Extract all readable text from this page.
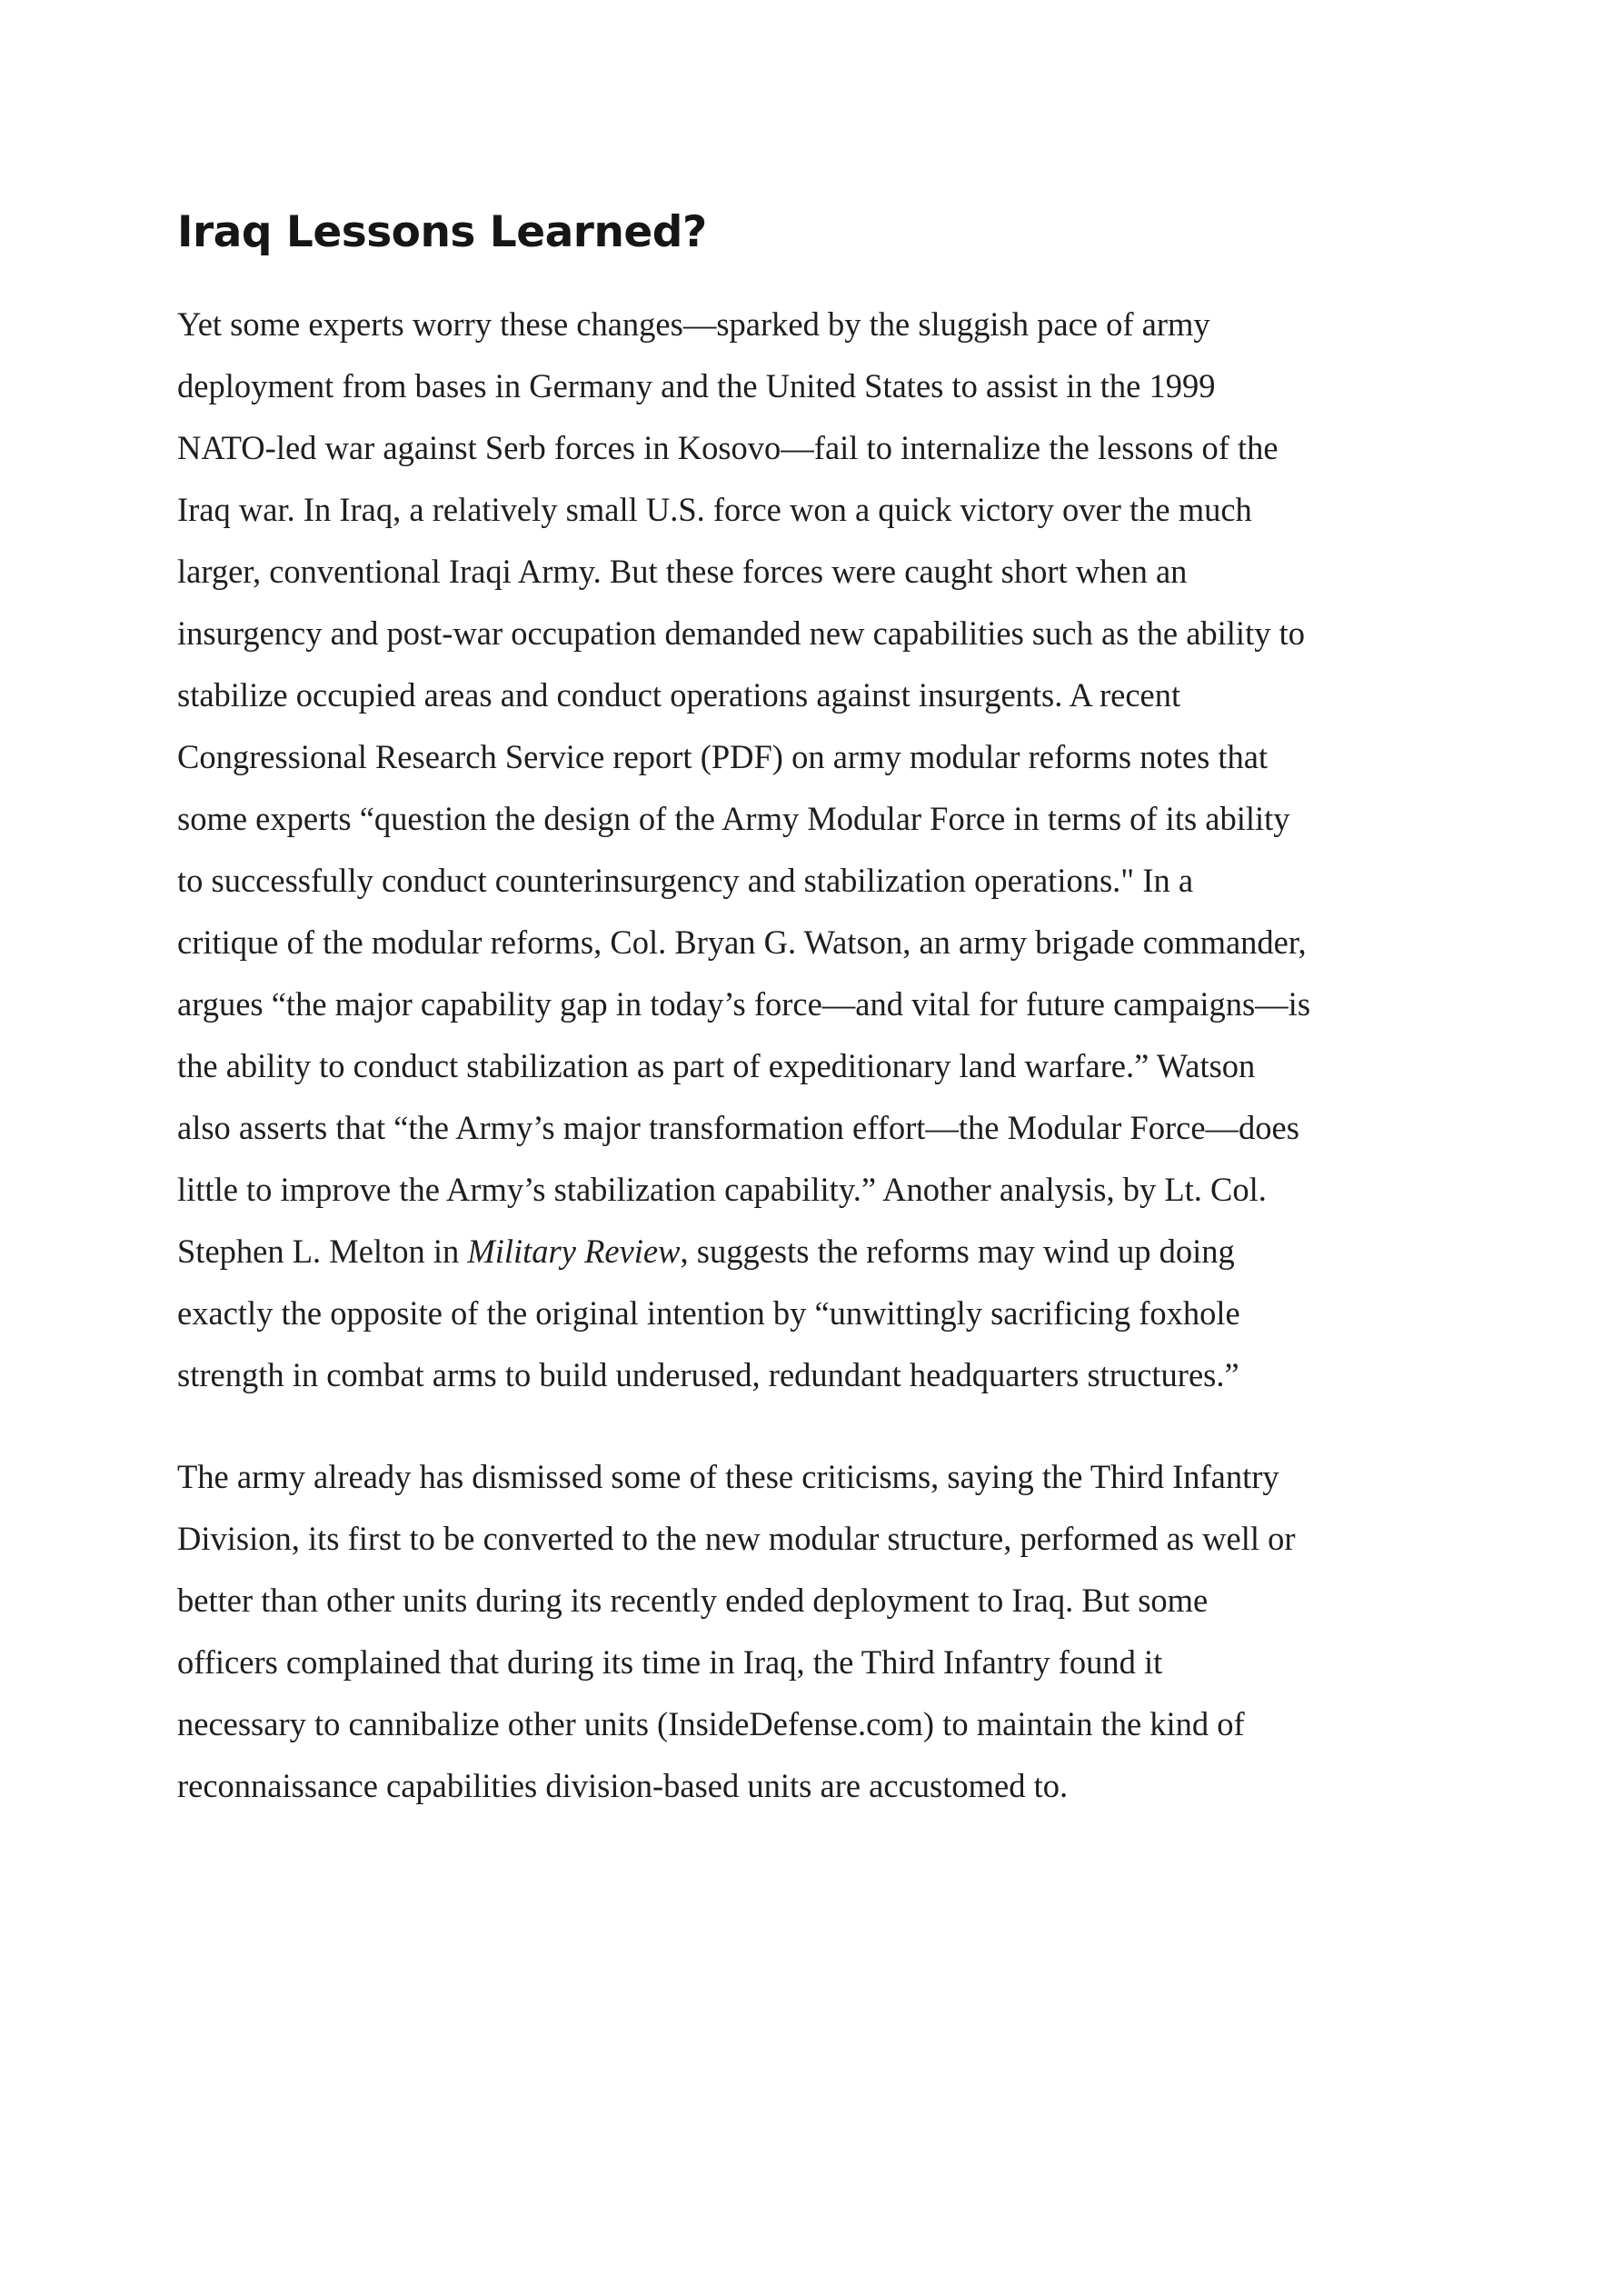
Iraq Lessons Learned?

Yet some experts worry these changes—sparked by the sluggish pace of army
deployment from bases in Germany and the United States to assist in the 1999
NATO-led war against Serb forces in Kosovo—fail to internalize the lessons of the
Iraq war. In Iraq, a relatively small U.S. force won a quick victory over the much
larger, conventional Iraqi Army. But these forces were caught short when an
insurgency and post-war occupation demanded new capabilities such as the ability to
stabilize occupied areas and conduct operations against insurgents. A recent
Congressional Research Service report (PDF) on army modular reforms notes that
some experts “question the design of the Army Modular Force in terms of its ability
to successfully conduct counterinsurgency and stabilization operations." In a
critique of the modular reforms, Col. Bryan G. Watson, an army brigade commander,
argues “the major capability gap in today’s force—and vital for future campaigns—is
the ability to conduct stabilization as part of expeditionary land warfare.” Watson
also asserts that “the Army’s major transformation effort—the Modular Force—does
little to improve the Army’s stabilization capability.” Another analysis, by Lt. Col.
Stephen L. Melton in Military Review, suggests the reforms may wind up doing
exactly the opposite of the original intention by “unwittingly sacrificing foxhole
strength in combat arms to build underused, redundant headquarters structures.”

The army already has dismissed some of these criticisms, saying the Third Infantry
Division, its first to be converted to the new modular structure, performed as well or
better than other units during its recently ended deployment to Iraq. But some
officers complained that during its time in Iraq, the Third Infantry found it
necessary to cannibalize other units (InsideDefense.com) to maintain the kind of
reconnaissance capabilities division-based units are accustomed to.
